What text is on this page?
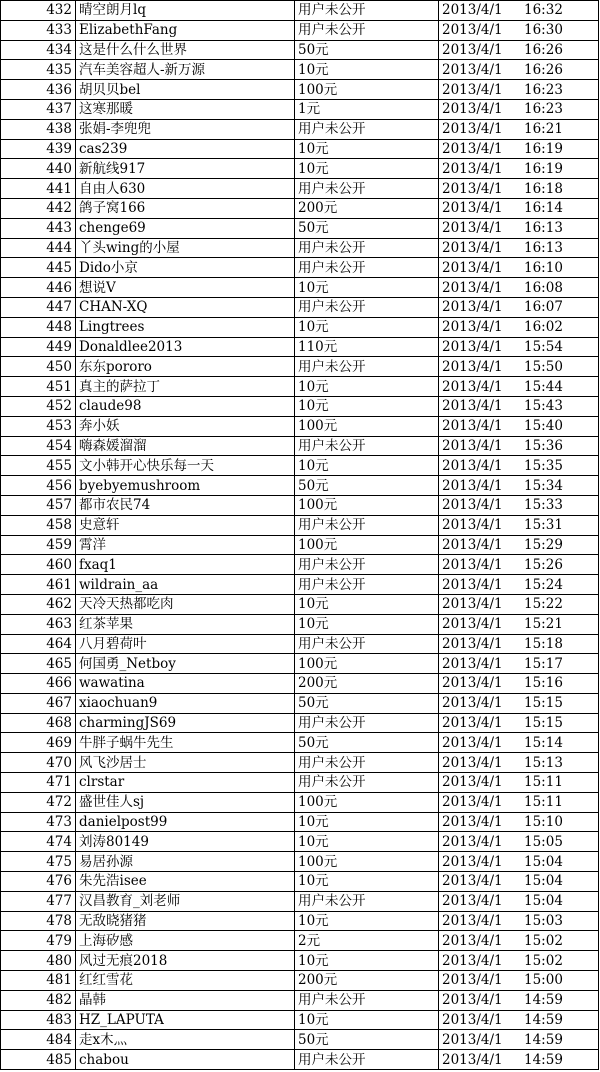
432	晴空朗月lq	用户未公开	2013/4/1 16:32
433	ElizabethFang	用户未公开	2013/4/1 16:30
434	这是什么什么世界	50元	2013/4/1 16:26
435	汽车美容超人-新万源	10元	2013/4/1 16:26
436	胡贝贝bel	100元	2013/4/1 16:23
437	这寒那暖	1元	2013/4/1 16:23
438	张娟-李兜兜	用户未公开	2013/4/1 16:21
439	cas239	10元	2013/4/1 16:19
440	新航线917	10元	2013/4/1 16:19
441	自由人630	用户未公开	2013/4/1 16:18
442	鸽子窝166	200元	2013/4/1 16:14
443	chenge69	50元	2013/4/1 16:13
444	丫头wing的小屋	用户未公开	2013/4/1 16:13
445	Dido小京	用户未公开	2013/4/1 16:10
446	想说V	10元	2013/4/1 16:08
447	CHAN-XQ	用户未公开	2013/4/1 16:07
448	Lingtrees	10元	2013/4/1 16:02
449	Donaldlee2013	110元	2013/4/1 15:54
450	东东pororo	用户未公开	2013/4/1 15:50
451	真主的萨拉丁	10元	2013/4/1 15:44
452	claude98	10元	2013/4/1 15:43
453	奔小妖	100元	2013/4/1 15:40
454	嗨森媛溜溜	用户未公开	2013/4/1 15:36
455	文小韩开心快乐每一天	10元	2013/4/1 15:35
456	byebyemushroom	50元	2013/4/1 15:34
457	都市农民74	100元	2013/4/1 15:33
458	史意轩	用户未公开	2013/4/1 15:31
459	霄洋	100元	2013/4/1 15:29
460	fxaq1	用户未公开	2013/4/1 15:26
461	wildrain_aa	用户未公开	2013/4/1 15:24
462	天冷天热都吃肉	10元	2013/4/1 15:22
463	红茶苹果	10元	2013/4/1 15:21
464	八月碧荷叶	用户未公开	2013/4/1 15:18
465	何国勇_Netboy	100元	2013/4/1 15:17
466	wawatina	200元	2013/4/1 15:16
467	xiaochuan9	50元	2013/4/1 15:15
468	charmingJS69	用户未公开	2013/4/1 15:15
469	牛胖子蜗牛先生	50元	2013/4/1 15:14
470	风飞沙居士	用户未公开	2013/4/1 15:13
471	clrstar	用户未公开	2013/4/1 15:11
472	盛世佳人sj	100元	2013/4/1 15:11
473	danielpost99	10元	2013/4/1 15:10
474	刘涛80149	10元	2013/4/1 15:05
475	易居孙源	100元	2013/4/1 15:04
476	朱先浩isee	10元	2013/4/1 15:04
477	汉昌教育_刘老师	用户未公开	2013/4/1 15:04
478	无敌晓猪猪	10元	2013/4/1 15:03
479	上海矽感	2元	2013/4/1 15:02
480	风过无痕2018	10元	2013/4/1 15:02
481	红红雪花	200元	2013/4/1 15:00
482	晶韩	用户未公开	2013/4/1 14:59
483	HZ_LAPUTA	10元	2013/4/1 14:59
484	走x木灬	50元	2013/4/1 14:59
485	chabou	用户未公开	2013/4/1 14:59
